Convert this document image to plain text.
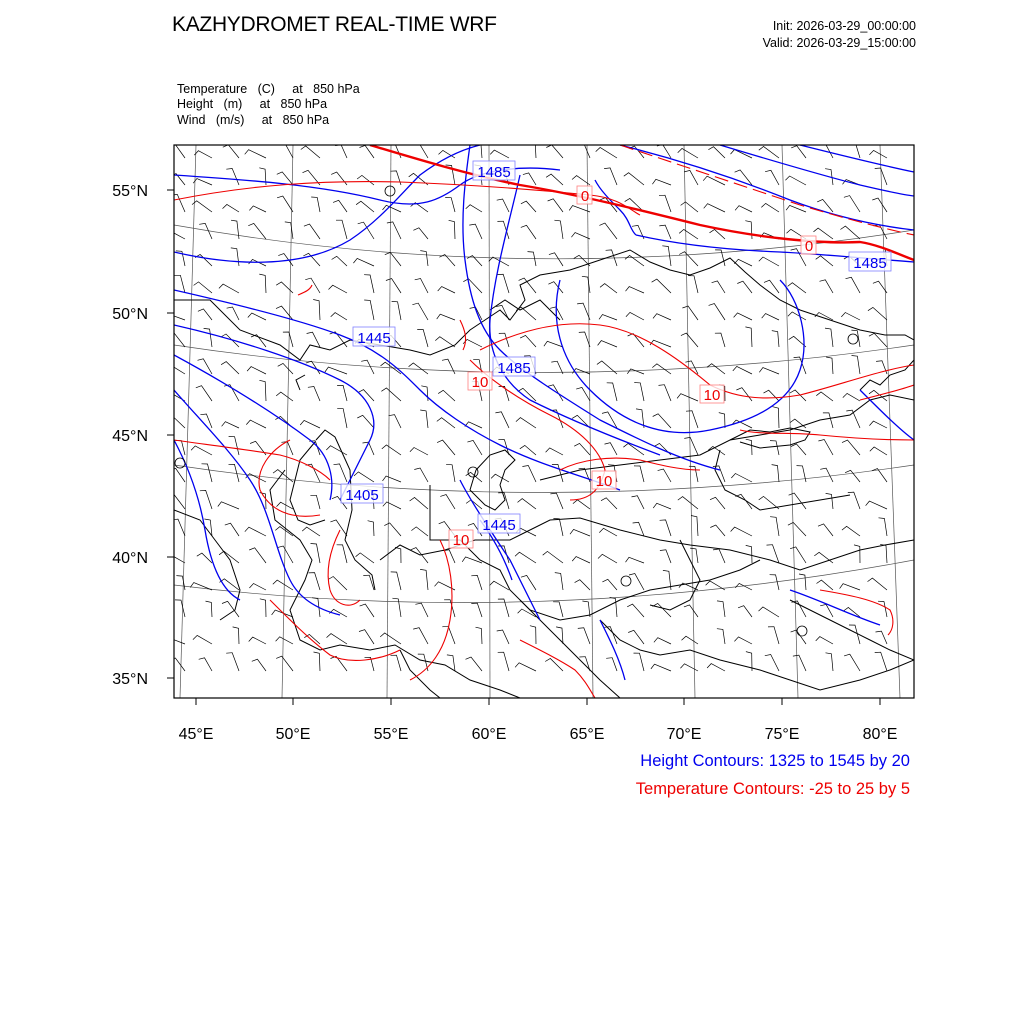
45°E	50°E	55°E	60°E	65°E	70°E	75°E	80°E
55°N
50°N
45°N
40°N
35°N
1485
1485
1445
1485
1405
1445
0
0
10
10
10
10
KAZHYDROMET REAL-TIME WRF	Init: 2026-03-29_00:00:00
Valid: 2026-03-29_15:00:00
Temperature   (C)     at   850 hPa
Height   (m)     at   850 hPa
Wind   (m/s)     at   850 hPa
Height Contours: 1325 to 1545 by 20
Temperature Contours: -25 to 25 by 5
